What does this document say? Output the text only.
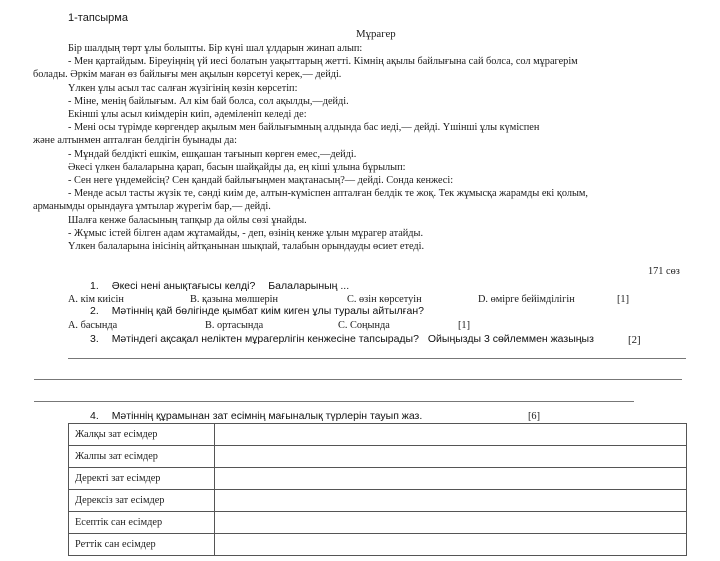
1-тапсырма
Мұрагер

Бір шалдың төрт ұлы болыпты. Бір күні шал ұлдарын жинап алып:

- Мен қартайдым. Біреуіңнің үй иесі болатын уақыттарың жетті. Кімнің ақылы байлығына сай болса, сол мұрагерім

болады. Әркім маған өз байлығы мен ақылын көрсетуі керек,— дейді.

Үлкен ұлы асыл тас салған жүзігінің көзін көрсетіп:

- Міне, менің байлығым. Ал кім бай болса, сол ақылды,—дейді.

Екінші ұлы асыл киімдерін киіп, әдемiленіп келеді де:

- Мені осы түрімде көргендер ақылым мен байлығымның алдында бас иеді,— дейді. Үшінші ұлы күміспен

және алтынмен апталған белдігін буынады да:

- Мұндай белдікті ешкім, ешқашан тағынып көрген емес,—дейді.

Әкесі үлкен балаларына қарап, басын шайқайды да, ең кіші ұлына бұрылып:

- Сен неге үндемейсің? Сен қандай байлығыңмен мақтанасың?— дейді. Сонда кенжесі:

- Менде асыл тасты жүзік те, сәнді киім де, алтын-күміспен апталған белдік те жоқ. Тек жұмысқа жарамды екі қолым,

арманымды орындауға ұмтылар жүрегім бар,— дейді.

Шалға кенже баласының тапқыр да ойлы сөзі ұнайды.

- Жұмыс істей білген адам жұтамайды, - деп, өзінің кенже ұлын мұрагер атайды.

Үлкен балаларына інісінің айтқанынан шықпай, талабын орындауды өсиет етеді.

171 сөз
1. Әкесі нені анықтағысы келді? Балаларының ...
А. кім киісін	В. қазына мөлшерін	С. өзін көрсетуін	D. өмірге бейімділігін	[1]
2. Мәтіннің қай бөлігінде қымбат киім киген ұлы туралы айтылған?
А. басында	В. ортасында	С. Соңында	[1]
3. Мәтіндегі ақсақал неліктен мұрагерлігін кенжесіне тапсырады? Ойыңызды 3 сөйлеммен жазыңыз	[2]
4. Мәтіннің құрамынан зат есімнің мағыналық түрлерін тауып жаз.	[6]
Жалқы зат есімдер	
Жалпы зат есімдер	
Деректі зат есімдер	
Дерексіз зат есімдер	
Есептік сан есімдер	
Реттік сан есімдер	
